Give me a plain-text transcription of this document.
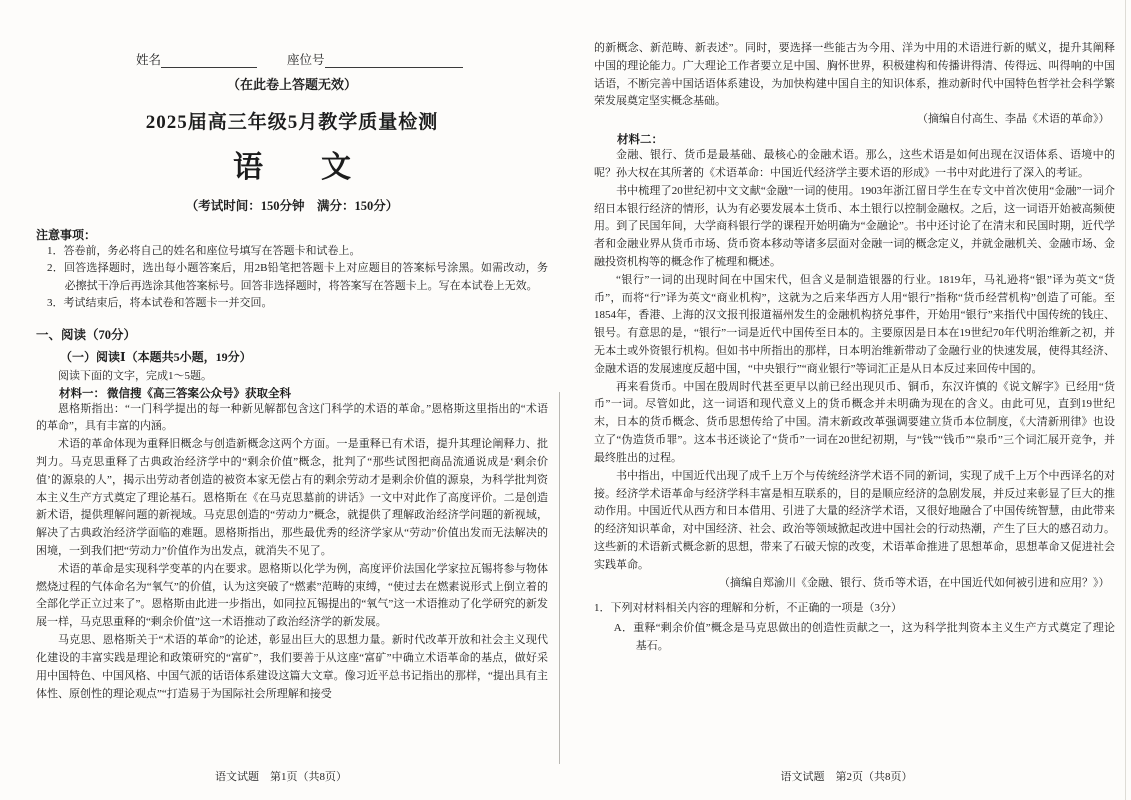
姓名	座位号
（在此卷上答题无效）
2025届高三年级5月教学质量检测
语　文
（考试时间：150分钟　满分：150分）
注意事项：
1．答卷前，务必将自己的姓名和座位号填写在答题卡和试卷上。
2．回答选择题时，选出每小题答案后，用2B铅笔把答题卡上对应题目的答案标号涂黑。如需改动，务必擦拭干净后再选涂其他答案标号。回答非选择题时，将答案写在答题卡上。写在本试卷上无效。
3．考试结束后，将本试卷和答题卡一并交回。
一、阅读（70分）
（一）阅读Ⅰ（本题共5小题，19分）

阅读下面的文字，完成1～5题。

材料一： 微信搜《高三答案公众号》获取全科

恩格斯指出：“一门科学提出的每一种新见解都包含这门科学的术语的革命。”恩格斯这里指出的“术语的革命”，具有丰富的内涵。

术语的革命体现为重释旧概念与创造新概念这两个方面。一是重释已有术语，提升其理论阐释力、批判力。马克思重释了古典政治经济学中的“剩余价值”概念，批判了“那些试图把商品流通说成是‘剩余价值’的源泉的人”，揭示出劳动者创造的被资本家无偿占有的剩余劳动才是剩余价值的源泉，为科学批判资本主义生产方式奠定了理论基石。恩格斯在《在马克思墓前的讲话》一文中对此作了高度评价。二是创造新术语，提供理解问题的新视域。马克思创造的“劳动力”概念，就提供了理解政治经济学问题的新视域，解决了古典政治经济学面临的难题。恩格斯指出，那些最优秀的经济学家从“劳动”价值出发而无法解决的困境，一到我们把“劳动力”价值作为出发点，就消失不见了。

术语的革命是实现科学变革的内在要求。恩格斯以化学为例，高度评价法国化学家拉瓦锡将参与物体燃烧过程的气体命名为“氧气”的价值，认为这突破了“燃素”范畴的束缚，“使过去在燃素说形式上倒立着的全部化学正立过来了”。恩格斯由此进一步指出，如同拉瓦锡提出的“氧气”这一术语推动了化学研究的新发展一样，马克思重释的“剩余价值”这一术语推动了政治经济学的新发展。

马克思、恩格斯关于“术语的革命”的论述，彰显出巨大的思想力量。新时代改革开放和社会主义现代化建设的丰富实践是理论和政策研究的“富矿”，我们要善于从这座“富矿”中确立术语革命的基点，做好采用中国特色、中国风格、中国气派的话语体系建设这篇大文章。像习近平总书记指出的那样，“提出具有主体性、原创性的理论观点”“打造易于为国际社会所理解和接受

语文试题　第1页（共8页）

的新概念、新范畴、新表述”。同时，要选择一些能古为今用、洋为中用的术语进行新的赋义，提升其阐释中国的理论能力。广大理论工作者要立足中国、胸怀世界，积极建构和传播讲得清、传得远、叫得响的中国话语，不断完善中国话语体系建设，为加快构建中国自主的知识体系，推动新时代中国特色哲学社会科学繁荣发展奠定坚实概念基础。

（摘编自付高生、李晶《术语的革命》）

材料二：

金融、银行、货币是最基础、最核心的金融术语。那么，这些术语是如何出现在汉语体系、语境中的呢？孙大权在其所著的《术语革命：中国近代经济学主要术语的形成》一书中对此进行了深入的考证。

书中梳理了20世纪初中文文献“金融”一词的使用。1903年浙江留日学生在专文中首次使用“金融”一词介绍日本银行经济的情形，认为有必要发展本土货币、本土银行以控制金融权。之后，这一词语开始被高频使用。到了民国年间，大学商科银行学的课程开始明确为“金融论”。书中还讨论了在清末和民国时期，近代学者和金融业界从货币市场、货币资本移动等诸多层面对金融一词的概念定义，并就金融机关、金融市场、金融投资机构等的概念作了梳理和概述。

“银行”一词的出现时间在中国宋代，但含义是制造银器的行业。1819年，马礼逊将“银”译为英文“货币”，而将“行”译为英文“商业机构”，这就为之后来华西方人用“银行”指称“货币经营机构”创造了可能。至1854年，香港、上海的汉文报刊报道福州发生的金融机构挤兑事件，开始用“银行”来指代中国传统的钱庄、银号。有意思的是，“银行”一词是近代中国传至日本的。主要原因是日本在19世纪70年代明治维新之初，并无本土或外资银行机构。但如书中所指出的那样，日本明治维新带动了金融行业的快速发展，使得其经济、金融术语的发展速度反超中国，“中央银行”“商业银行”等词汇正是从日本反过来回传中国的。

再来看货币。中国在殷周时代甚至更早以前已经出现贝币、铜币，东汉许慎的《说文解字》已经用“货币”一词。尽管如此，这一词语和现代意义上的货币概念并未明确为现在的含义。由此可见，直到19世纪末，日本的货币概念、货币思想传给了中国。清末新政改革强调要建立货币本位制度，《大清新刑律》也设立了“伪造货币罪”。这本书还谈论了“货币”一词在20世纪初期，与“钱”“钱币”“泉币”三个词汇展开竞争，并最终胜出的过程。

书中指出，中国近代出现了成千上万个与传统经济学术语不同的新词，实现了成千上万个中西译名的对接。经济学术语革命与经济学科丰富是相互联系的，目的是顺应经济的急剧发展，并反过来彰显了巨大的推动作用。中国近代从西方和日本借用、引进了大量的经济学术语，又很好地融合了中国传统智慧，由此带来的经济知识革命，对中国经济、社会、政治等领域掀起改进中国社会的行动热潮，产生了巨大的感召动力。这些新的术语新式概念新的思想，带来了石破天惊的改变，术语革命推进了思想革命，思想革命又促进社会实践革命。

（摘编自郑渝川《金融、银行、货币等术语，在中国近代如何被引进和应用？》）

1．下列对材料相关内容的理解和分析，不正确的一项是（3分）

A．重释“剩余价值”概念是马克思做出的创造性贡献之一，这为科学批判资本主义生产方式奠定了理论基石。

语文试题　第2页（共8页）
